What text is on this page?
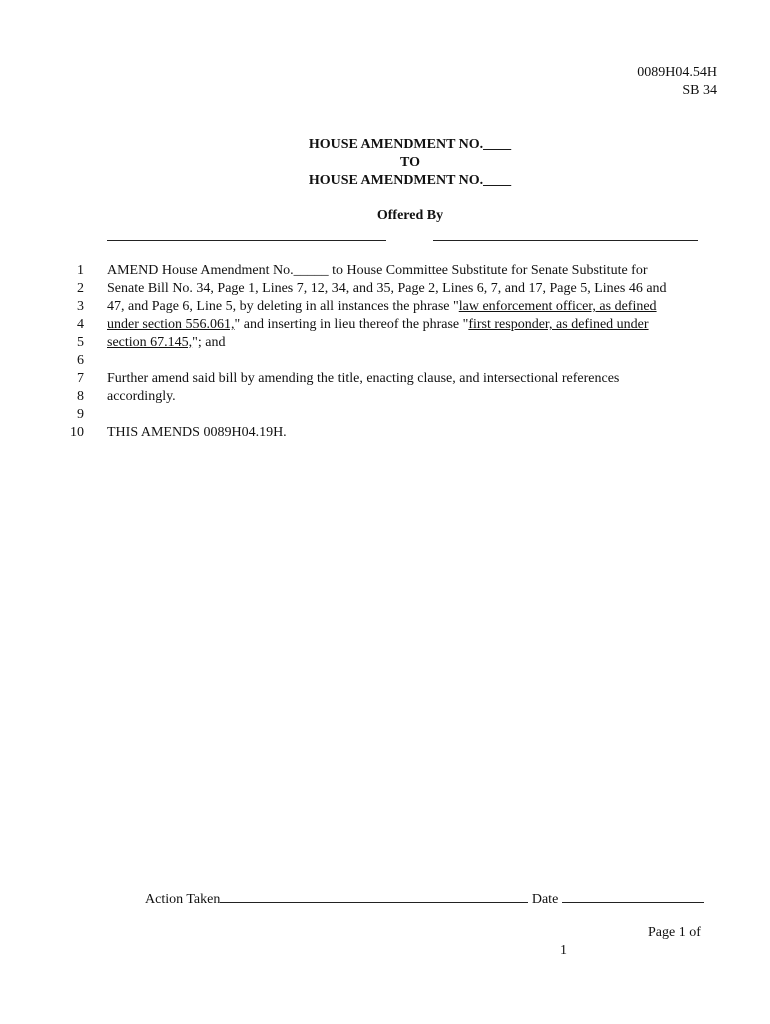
0089H04.54H
SB 34
HOUSE AMENDMENT NO.____
TO
HOUSE AMENDMENT NO.____
Offered By
1 AMEND House Amendment No._____ to House Committee Substitute for Senate Substitute for
2 Senate Bill No. 34, Page 1, Lines 7, 12, 34, and 35, Page 2, Lines 6, 7, and 17, Page 5, Lines 46 and
3 47, and Page 6, Line 5, by deleting in all instances the phrase "law enforcement officer, as defined
4 under section 556.061," and inserting in lieu thereof the phrase "first responder, as defined under
5 section 67.145,"; and
6
7 Further amend said bill by amending the title, enacting clause, and intersectional references
8 accordingly.
9
10 THIS AMENDS 0089H04.19H.
Action Taken	Date
Page 1 of
1
